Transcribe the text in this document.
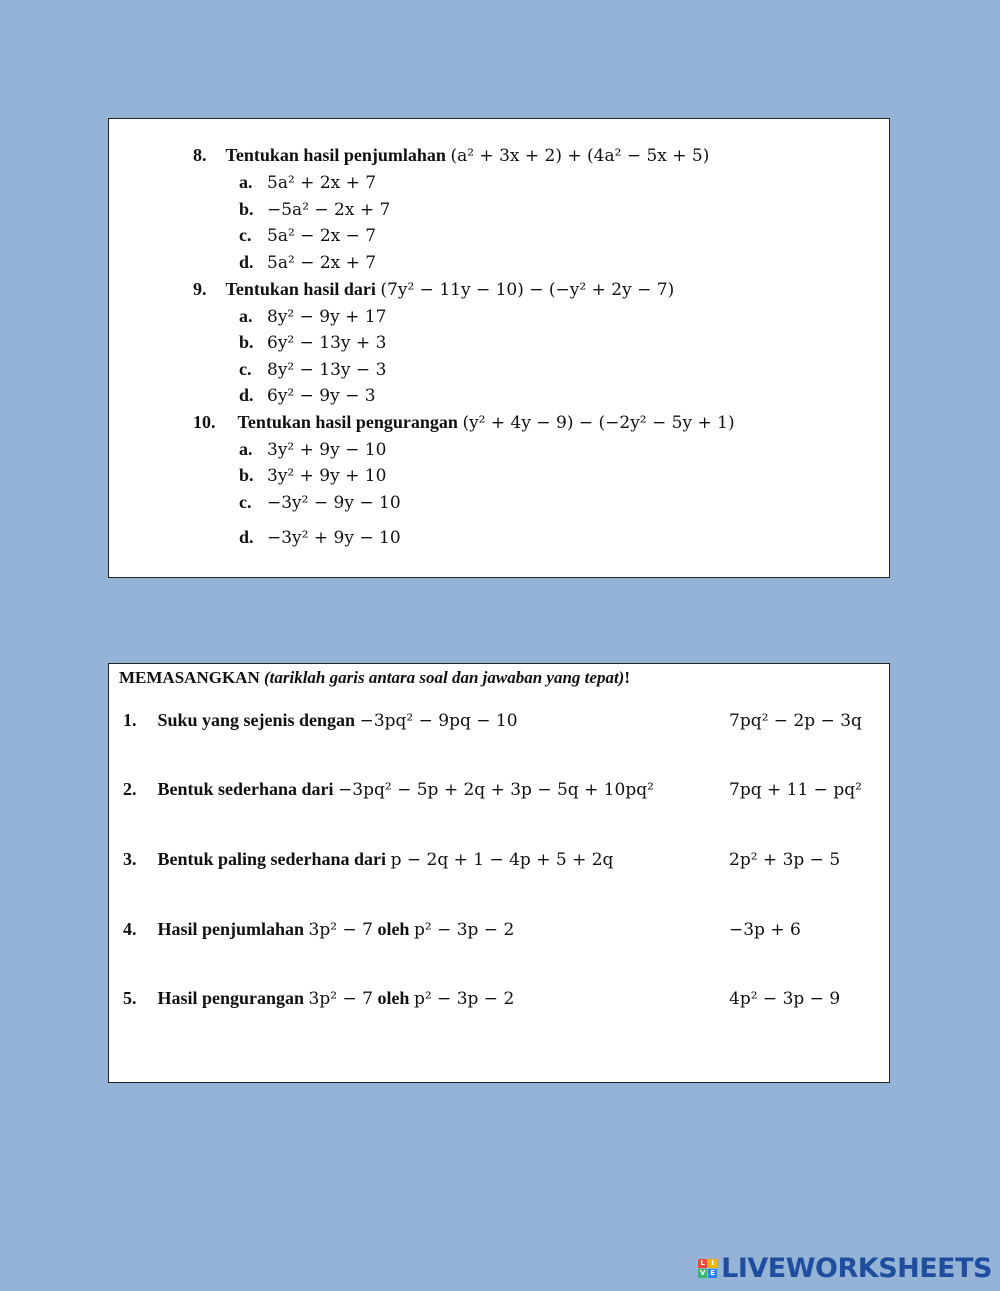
8. Tentukan hasil penjumlahan (a² + 3x + 2) + (4a² − 5x + 5)
a. 5a² + 2x + 7
b. −5a² − 2x + 7
c. 5a² − 2x − 7
d. 5a² − 2x + 7
9. Tentukan hasil dari (7y² − 11y − 10) − (−y² + 2y − 7)
a. 8y² − 9y + 17
b. 6y² − 13y + 3
c. 8y² − 13y − 3
d. 6y² − 9y − 3
10. Tentukan hasil pengurangan (y² + 4y − 9) − (−2y² − 5y + 1)
a. 3y² + 9y − 10
b. 3y² + 9y + 10
c. −3y² − 9y − 10
d. −3y² + 9y − 10
MEMASANGKAN (tariklah garis antara soal dan jawaban yang tepat)!
1. Suku yang sejenis dengan −3pq² − 9pq − 10	7pq² − 2p − 3q
2. Bentuk sederhana dari −3pq² − 5p + 2q + 3p − 5q + 10pq²	7pq + 11 − pq²
3. Bentuk paling sederhana dari p − 2q + 1 − 4p + 5 + 2q	2p² + 3p − 5
4. Hasil penjumlahan 3p² − 7 oleh p² − 3p − 2	−3p + 6
5. Hasil pengurangan 3p² − 7 oleh p² − 3p − 2	4p² − 3p − 9
L I
V E LIVEWORKSHEETS
